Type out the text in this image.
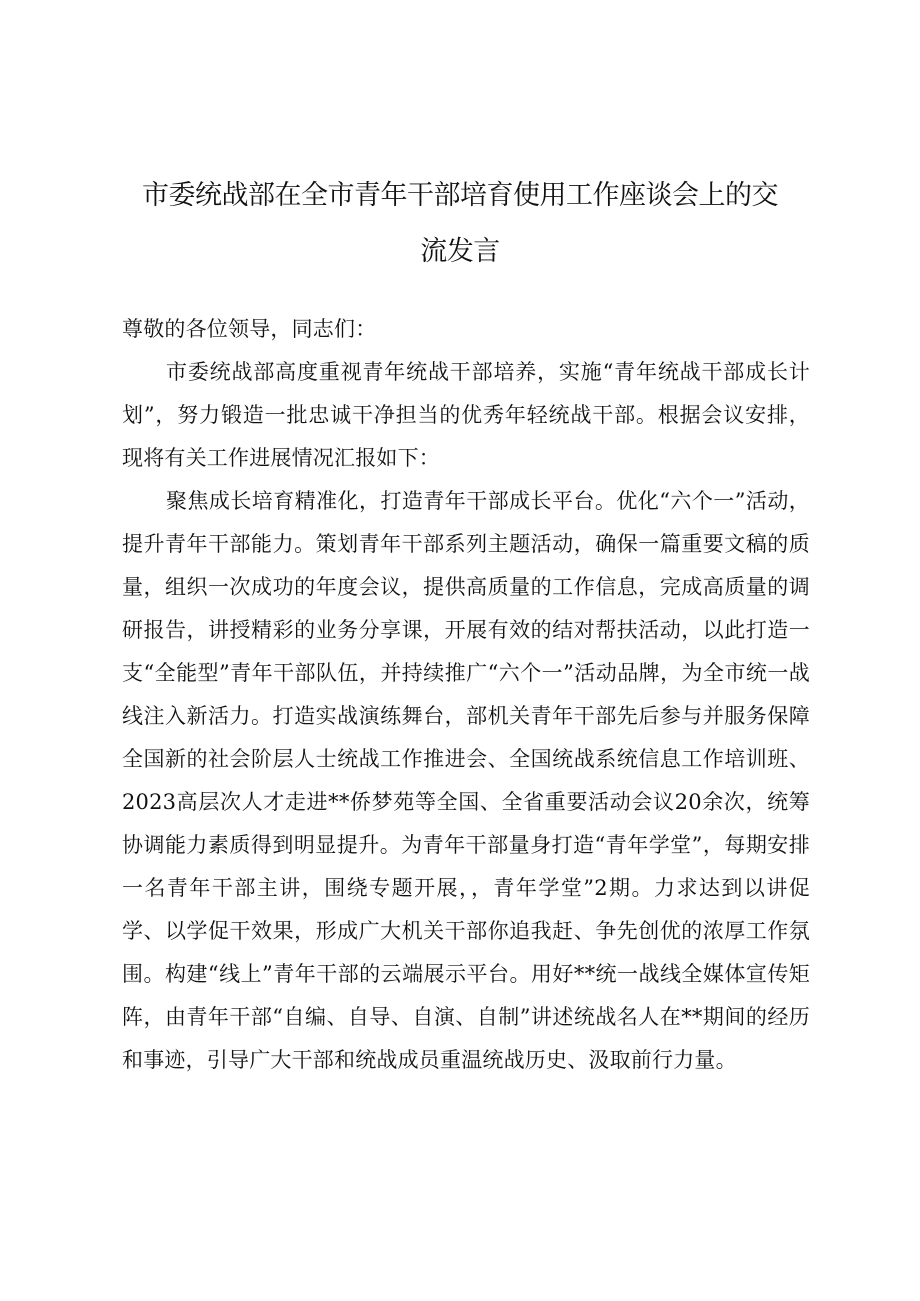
市委统战部在全市青年干部培育使用工作座谈会上的交流发言

尊敬的各位领导，同志们：

市委统战部高度重视青年统战干部培养，实施“青年统战干部成长计划”，努力锻造一批忠诚干净担当的优秀年轻统战干部。根据会议安排，现将有关工作进展情况汇报如下：

聚焦成长培育精准化，打造青年干部成长平台。优化“六个一”活动，提升青年干部能力。策划青年干部系列主题活动，确保一篇重要文稿的质量，组织一次成功的年度会议，提供高质量的工作信息，完成高质量的调研报告，讲授精彩的业务分享课，开展有效的结对帮扶活动，以此打造一支“全能型”青年干部队伍，并持续推广“六个一”活动品牌，为全市统一战线注入新活力。打造实战演练舞台，部机关青年干部先后参与并服务保障全国新的社会阶层人士统战工作推进会、全国统战系统信息工作培训班、2023高层次人才走进**侨梦苑等全国、全省重要活动会议20余次，统筹协调能力素质得到明显提升。为青年干部量身打造“青年学堂”，每期安排一名青年干部主讲，围绕专题开展，，青年学堂”2期。力求达到以讲促学、以学促干效果，形成广大机关干部你追我赶、争先创优的浓厚工作氛围。构建“线上”青年干部的云端展示平台。用好**统一战线全媒体宣传矩阵，由青年干部“自编、自导、自演、自制”讲述统战名人在**期间的经历和事迹，引导广大干部和统战成员重温统战历史、汲取前行力量。
